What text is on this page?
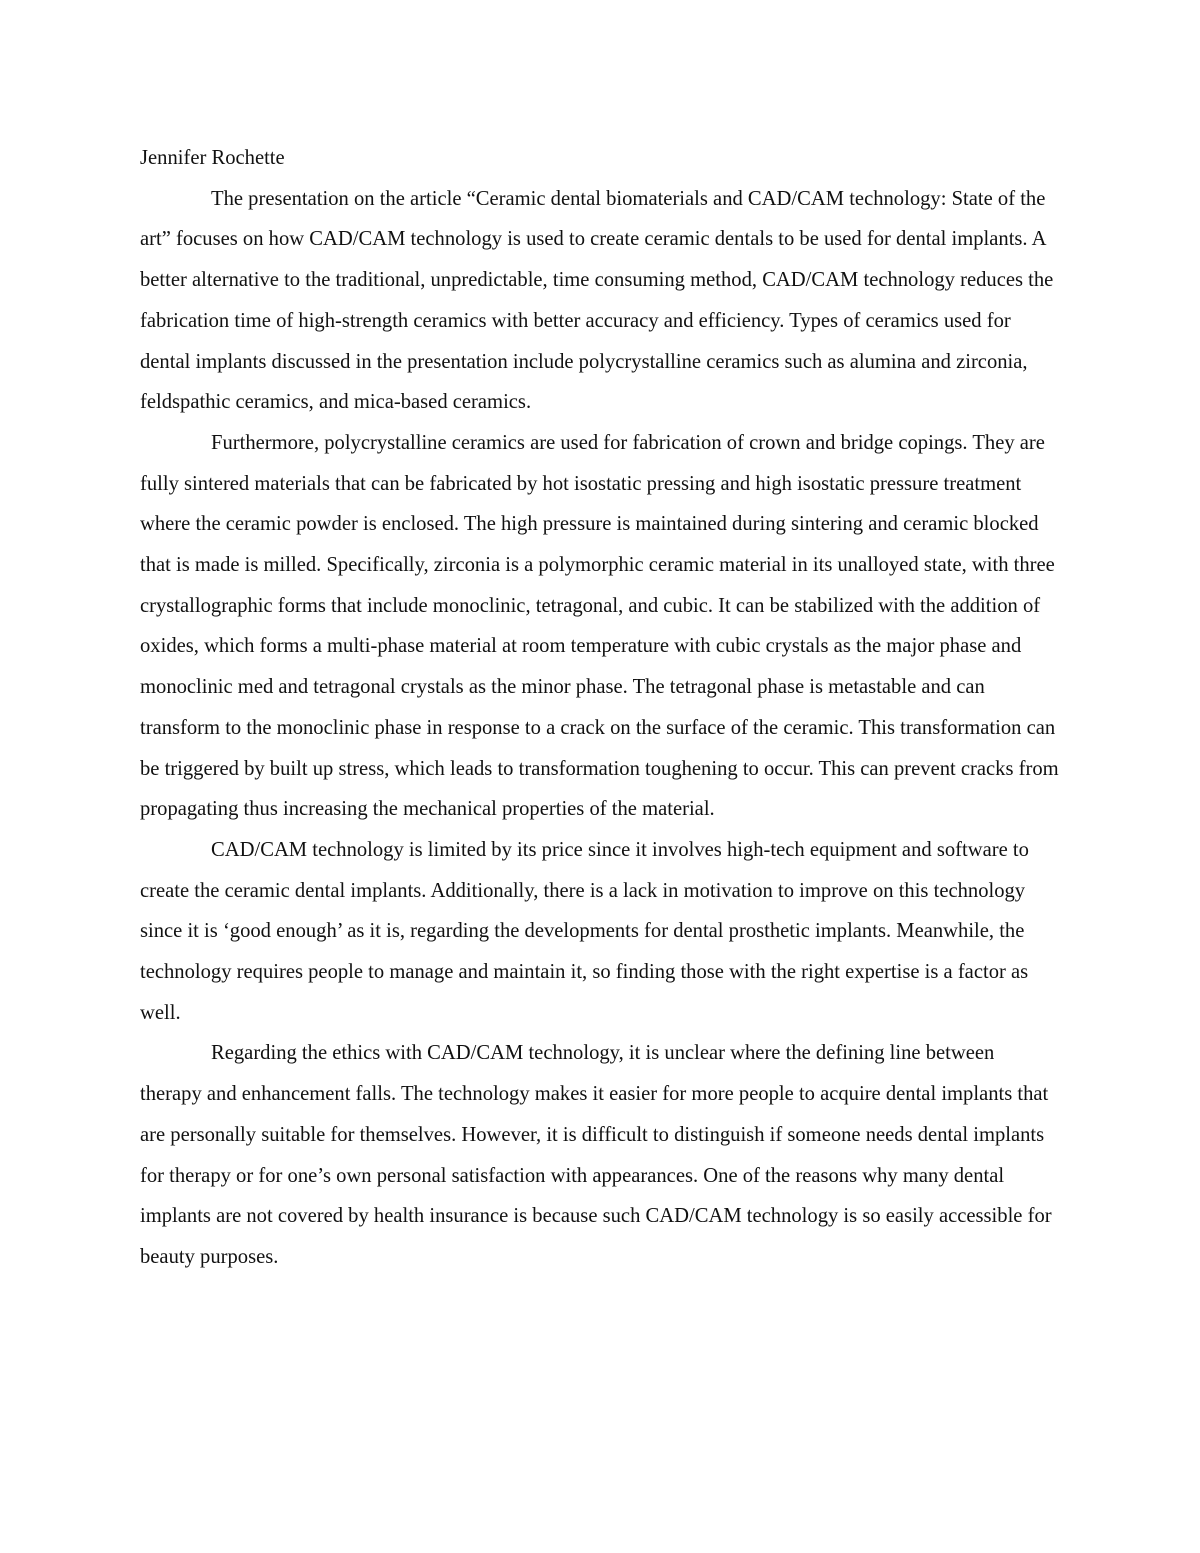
Jennifer Rochette

The presentation on the article “Ceramic dental biomaterials and CAD/CAM technology: State of the art” focuses on how CAD/CAM technology is used to create ceramic dentals to be used for dental implants. A better alternative to the traditional, unpredictable, time consuming method, CAD/CAM technology reduces the fabrication time of high-strength ceramics with better accuracy and efficiency. Types of ceramics used for dental implants discussed in the presentation include polycrystalline ceramics such as alumina and zirconia, feldspathic ceramics, and mica-based ceramics.

Furthermore, polycrystalline ceramics are used for fabrication of crown and bridge copings. They are fully sintered materials that can be fabricated by hot isostatic pressing and high isostatic pressure treatment where the ceramic powder is enclosed. The high pressure is maintained during sintering and ceramic blocked that is made is milled. Specifically, zirconia is a polymorphic ceramic material in its unalloyed state, with three crystallographic forms that include monoclinic, tetragonal, and cubic. It can be stabilized with the addition of oxides, which forms a multi-phase material at room temperature with cubic crystals as the major phase and monoclinic med and tetragonal crystals as the minor phase. The tetragonal phase is metastable and can transform to the monoclinic phase in response to a crack on the surface of the ceramic. This transformation can be triggered by built up stress, which leads to transformation toughening to occur. This can prevent cracks from propagating thus increasing the mechanical properties of the material.

CAD/CAM technology is limited by its price since it involves high-tech equipment and software to create the ceramic dental implants. Additionally, there is a lack in motivation to improve on this technology since it is ‘good enough’ as it is, regarding the developments for dental prosthetic implants. Meanwhile, the technology requires people to manage and maintain it, so finding those with the right expertise is a factor as well.

Regarding the ethics with CAD/CAM technology, it is unclear where the defining line between therapy and enhancement falls. The technology makes it easier for more people to acquire dental implants that are personally suitable for themselves. However, it is difficult to distinguish if someone needs dental implants for therapy or for one’s own personal satisfaction with appearances. One of the reasons why many dental implants are not covered by health insurance is because such CAD/CAM technology is so easily accessible for beauty purposes.
